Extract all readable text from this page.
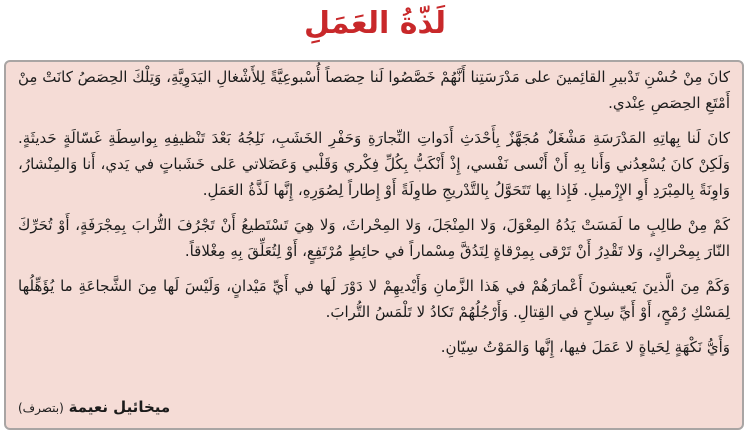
لَذّةُ العَمَلِ

كانَ مِنْ حُسْنِ تَدْبيرِ القائِمينَ على مَدْرَسَتِنا أَنَّهُمْ خَصَّصُوا لَنا حِصَصاً أُسْبوعِيَّةً لِلأَشْغالِ اليَدَوِيَّةِ، وَتِلْكَ الحِصَصُ كانَتْ مِنْ أَمْتَعِ الحِصَصِ عِنْدي.

كانَ لَنا بِهاتِهِ المَدْرَسَةِ مَشْغَلٌ مُجَهَّزٌ بِأَحْدَثِ أَدَواتِ النِّجارَةِ وَحَفْرِ الخَشَبِ، نَلِجُهُ بَعْدَ تَنْظيفِهِ بِواسِطَةِ غَسّالَةٍ حَديثَةٍ. وَلَكِنْ كانَ يُسْعِدُني وَأَنا بِهِ أَنْ أَنْسى نَفْسي، إِذْ أَنْكَبُّ بِكُلِّ فِكْري وَقَلْبي وَعَضَلاتي عَلى خَشَباتٍ في يَدي، أَنا وَالمِنْشارُ، وَاوِنَةً بِالمِبْرَدِ أَوِ الإِزْميلِ. فَإِذا بِها تَتَحَوَّلُ بِالتَّدْريجِ طاوِلَةً أَوْ إِطاراً لِصُوَرِهِ، إِنَّها لَذَّةُ العَمَلِ.

كَمْ مِنْ طالِبٍ ما لَمَسَتْ يَدُهُ المِعْوَلَ، وَلا المِنْجَلَ، وَلا المِحْراثَ، وَلا هِيَ تَسْتَطيعُ أَنْ تَجْرُفَ التُّرابَ بِمِجْرَفَةٍ، أَوْ تُحَرِّكَ النّارَ بِمِحْراكٍ، وَلا تَقْدِرُ أَنْ تَرْقى بِمِرْقاةٍ لِتَدُقَّ مِسْماراً في حائِطٍ مُرْتَفِعٍ، أَوْ لِتُعَلِّقَ بِهِ مِغْلاقاً.

وَكَمْ مِنَ الَّذينَ يَعيشونَ أَعْمارَهُمْ في هَذا الزَّمانِ وَأَيْديهِمْ لا دَوْرَ لَها في أَيِّ مَيْدانٍ، وَلَيْسَ لَها مِنَ الشَّجاعَةِ ما يُؤَهِّلُها لِمَسْكِ رُمْحٍ، أَوْ أَيِّ سِلاحٍ في القِتالِ. وَأَرْجُلُهُمْ تَكادُ لا تَلْمَسُ التُّرابَ.

وَأَيُّ نَكْهَةٍ لِحَياةٍ لا عَمَلَ فيها، إِنَّها وَالمَوْتُ سِيّانِ.

ميخائيل نعيمة (بتصرف)
